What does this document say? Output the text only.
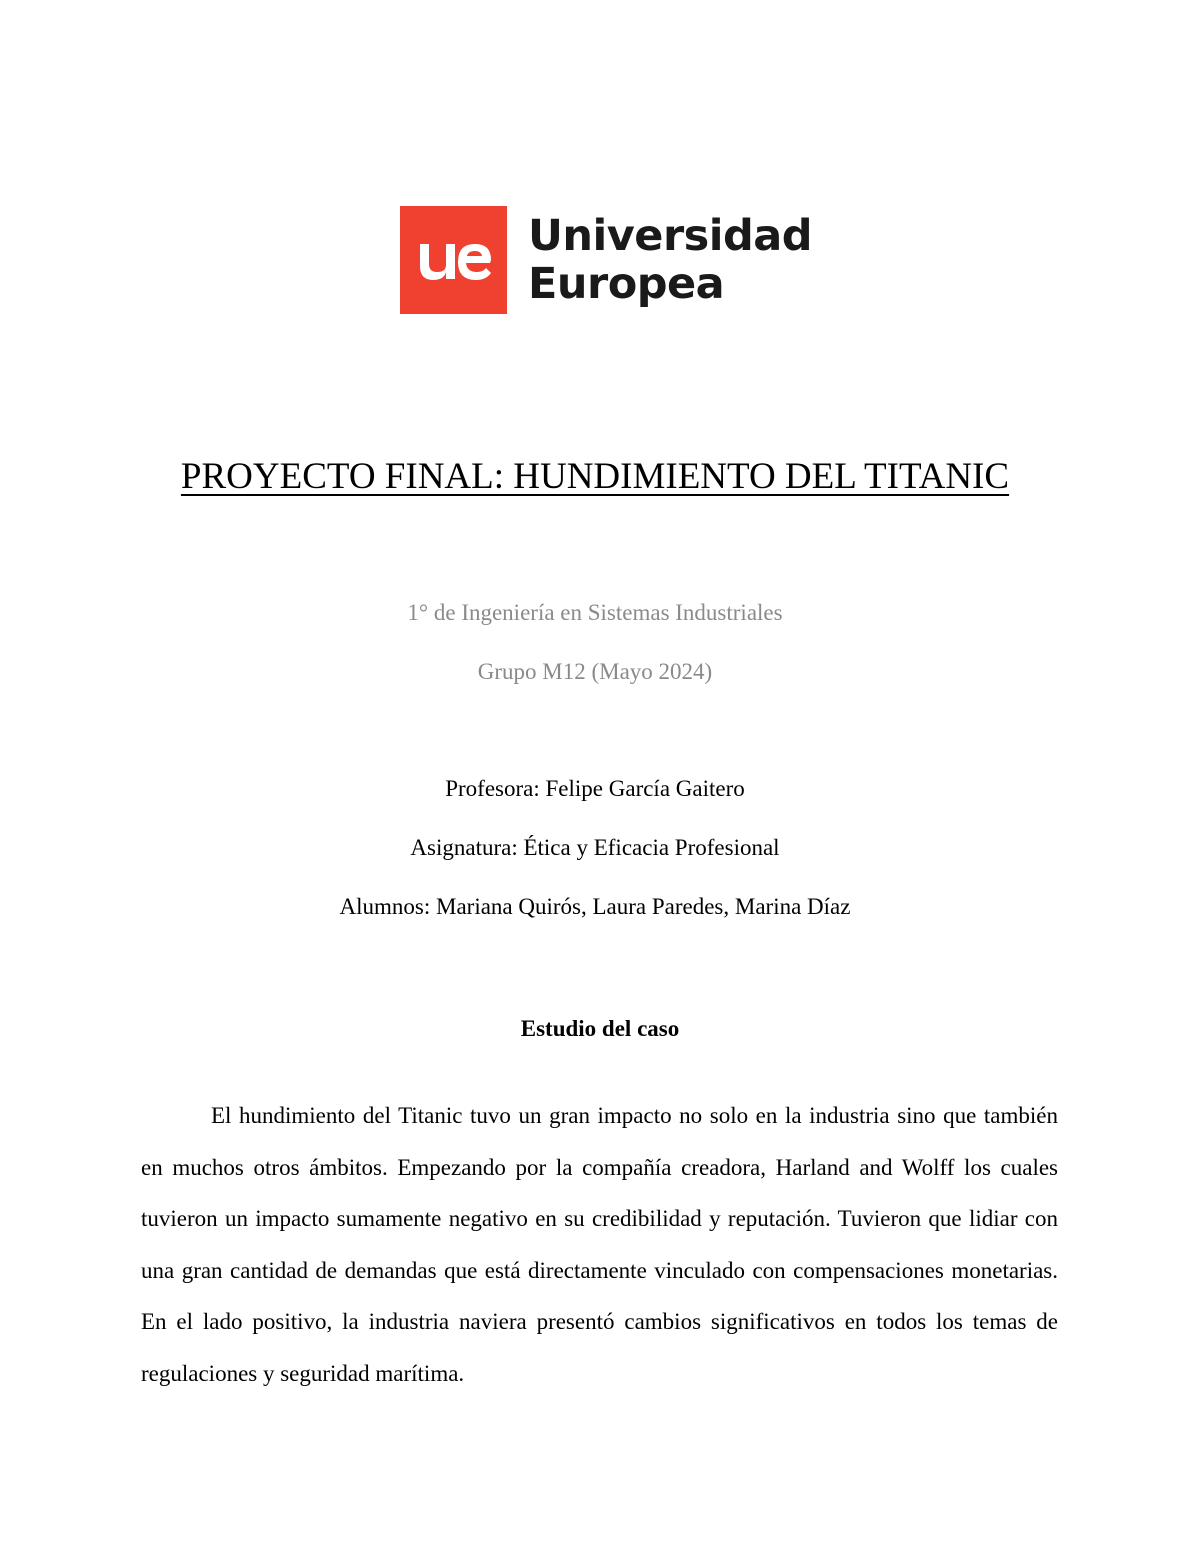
Universidad
Europea
PROYECTO FINAL: HUNDIMIENTO DEL TITANIC
1° de Ingeniería en Sistemas Industriales
Grupo M12 (Mayo 2024)
Profesora: Felipe García Gaitero
Asignatura: Ética y Eficacia Profesional
Alumnos: Mariana Quirós, Laura Paredes, Marina Díaz
Estudio del caso

El hundimiento del Titanic tuvo un gran impacto no solo en la industria sino que también en muchos otros ámbitos. Empezando por la compañía creadora, Harland and Wolff los cuales tuvieron un impacto sumamente negativo en su credibilidad y reputación. Tuvieron que lidiar con una gran cantidad de demandas que está directamente vinculado con compensaciones monetarias. En el lado positivo, la industria naviera presentó cambios significativos en todos los temas de regulaciones y seguridad marítima.
